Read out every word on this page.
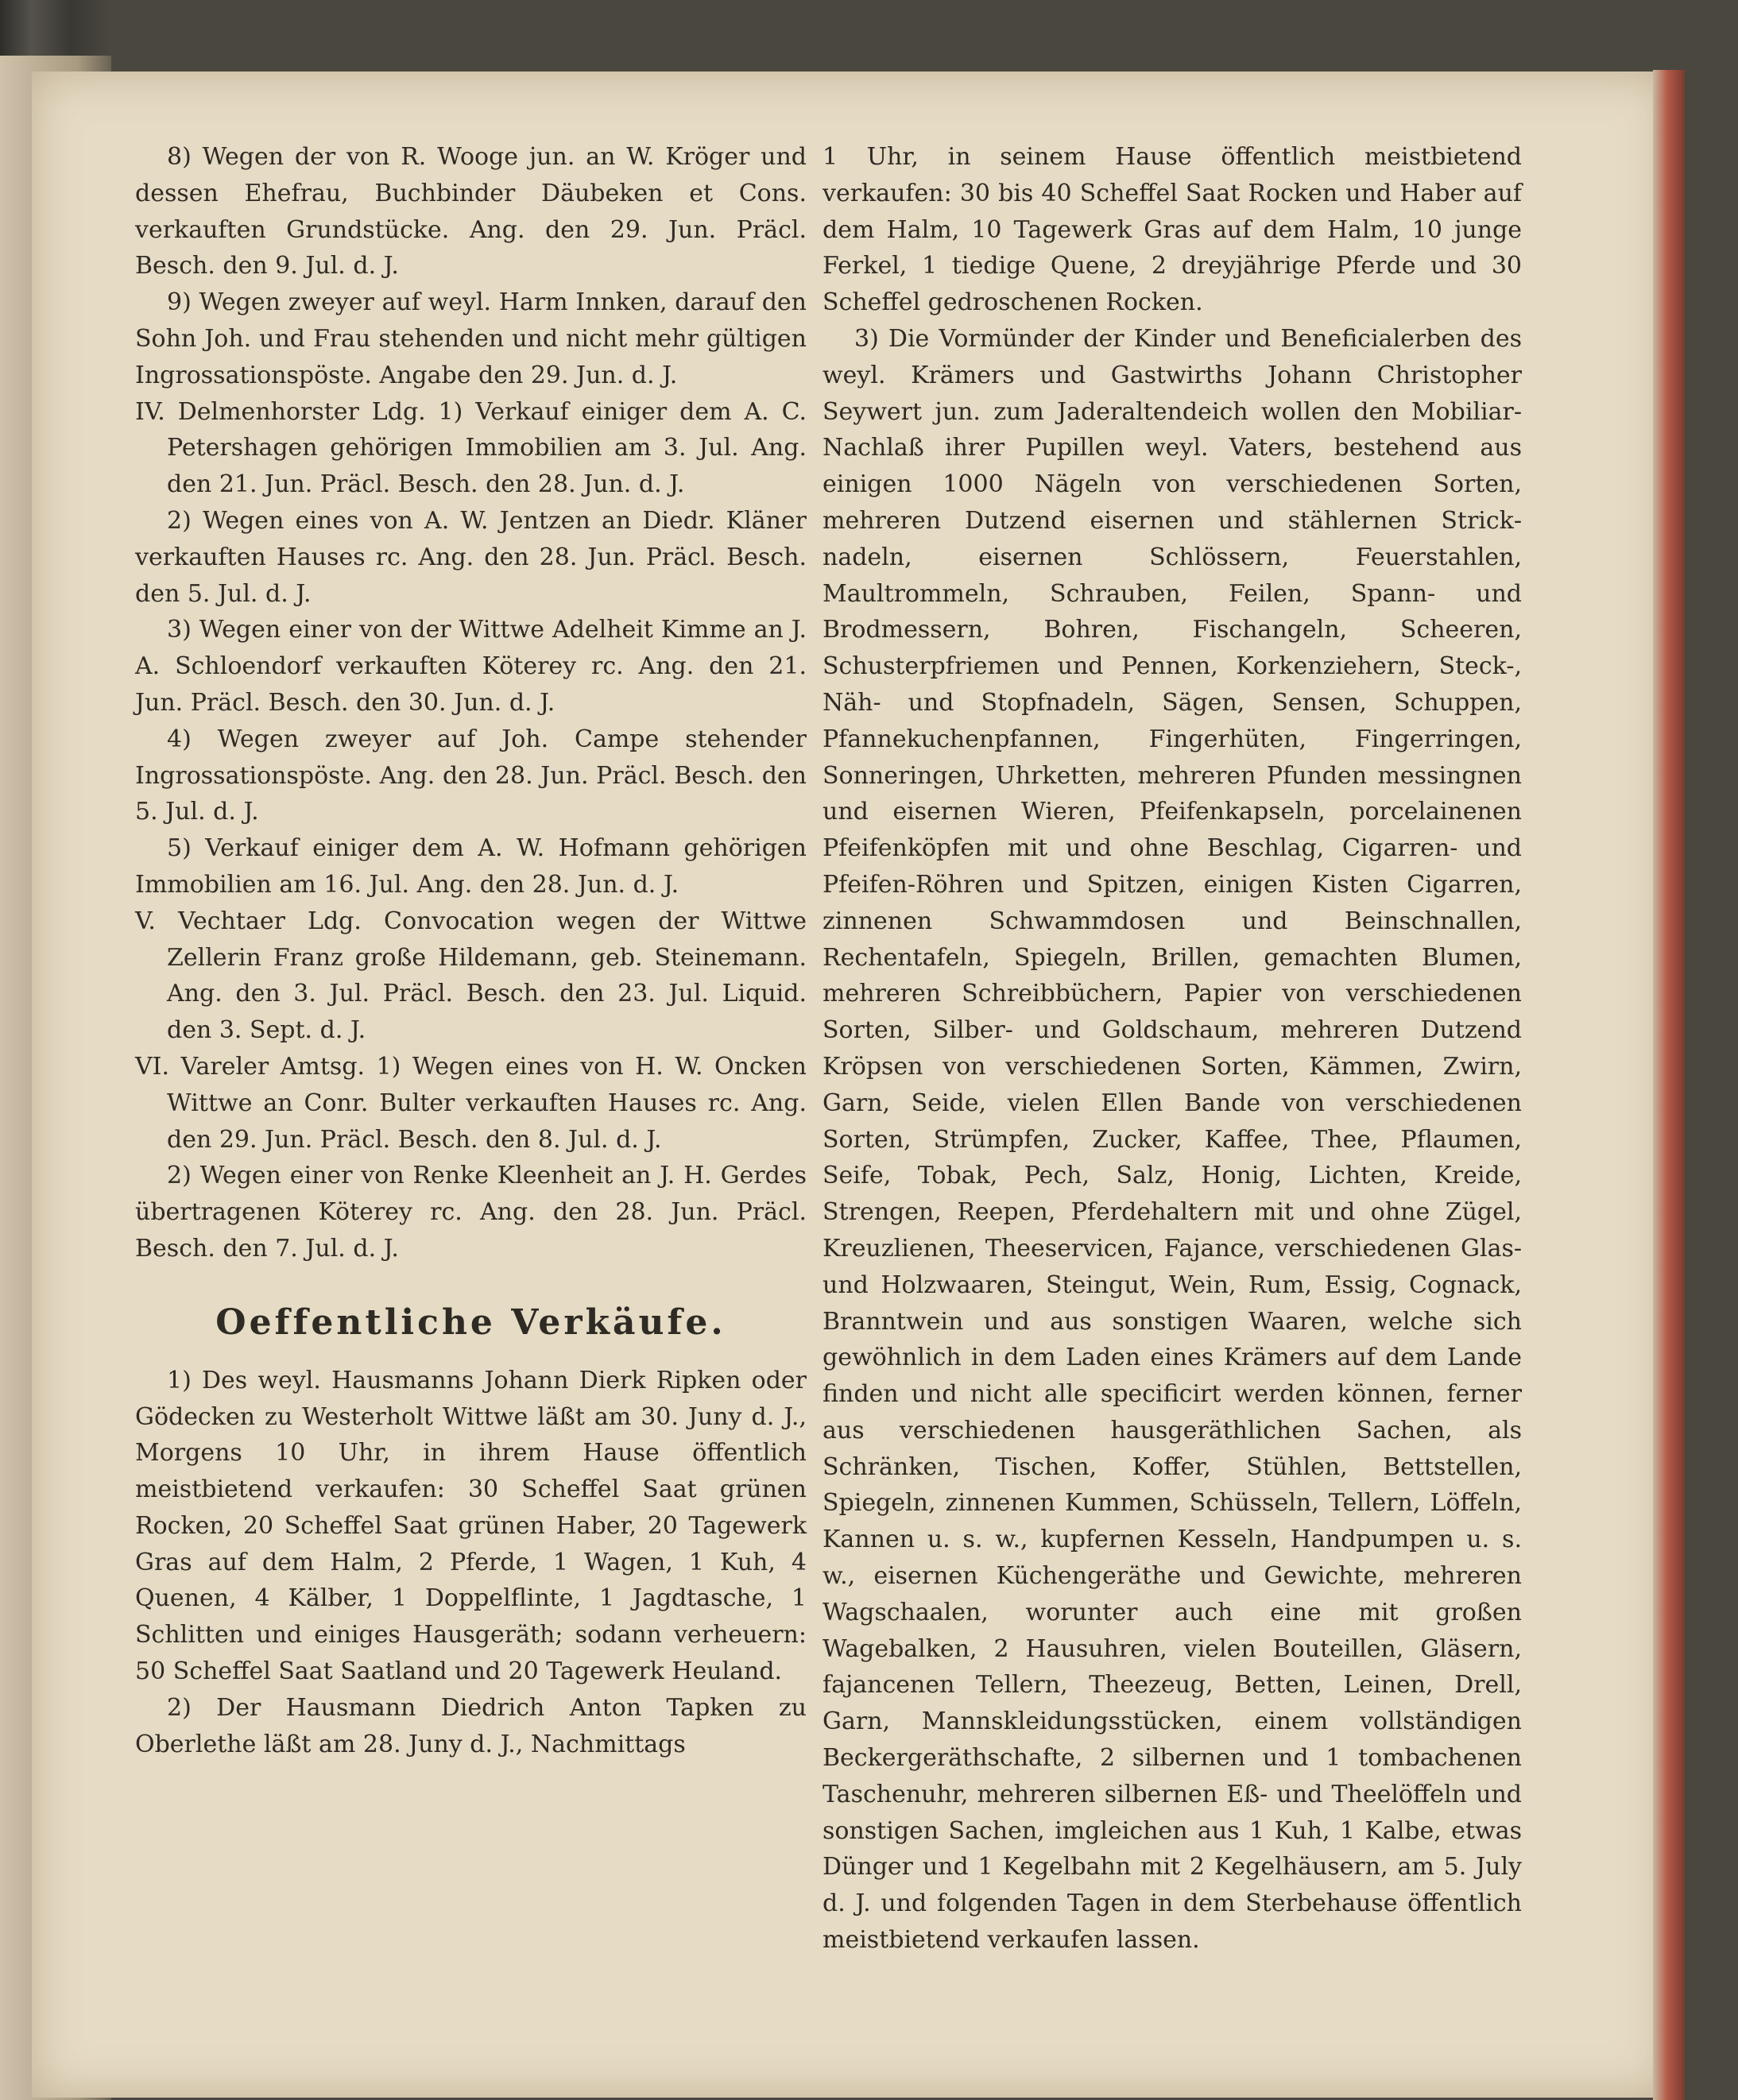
8) Wegen der von R. Wooge jun. an W. Kröger und dessen Ehefrau, Buchbinder Däubeken et Cons. verkauften Grundstücke. Ang. den 29. Jun. Präcl. Besch. den 9. Jul. d. J.

9) Wegen zweyer auf weyl. Harm Innken, darauf den Sohn Joh. und Frau stehenden und nicht mehr gültigen Ingrossationspöste. Angabe den 29. Jun. d. J.

IV. Delmenhorster Ldg. 1) Verkauf einiger dem A. C. Petershagen gehörigen Immobilien am 3. Jul. Ang. den 21. Jun. Präcl. Besch. den 28. Jun. d. J.

2) Wegen eines von A. W. Jentzen an Diedr. Kläner verkauften Hauses rc. Ang. den 28. Jun. Präcl. Besch. den 5. Jul. d. J.

3) Wegen einer von der Wittwe Adelheit Kimme an J. A. Schloendorf verkauften Köterey rc. Ang. den 21. Jun. Präcl. Besch. den 30. Jun. d. J.

4) Wegen zweyer auf Joh. Campe stehender Ingrossationspöste. Ang. den 28. Jun. Präcl. Besch. den 5. Jul. d. J.

5) Verkauf einiger dem A. W. Hofmann gehörigen Immobilien am 16. Jul. Ang. den 28. Jun. d. J.

V. Vechtaer Ldg. Convocation wegen der Wittwe Zellerin Franz große Hildemann, geb. Steinemann. Ang. den 3. Jul. Präcl. Besch. den 23. Jul. Liquid. den 3. Sept. d. J.

VI. Vareler Amtsg. 1) Wegen eines von H. W. Oncken Wittwe an Conr. Bulter verkauften Hauses rc. Ang. den 29. Jun. Präcl. Besch. den 8. Jul. d. J.

2) Wegen einer von Renke Kleenheit an J. H. Gerdes übertragenen Köterey rc. Ang. den 28. Jun. Präcl. Besch. den 7. Jul. d. J.

Oeffentliche Verkäufe.

1) Des weyl. Hausmanns Johann Dierk Ripken oder Gödecken zu Westerholt Wittwe läßt am 30. Juny d. J., Morgens 10 Uhr, in ihrem Hause öffentlich meistbietend verkaufen: 30 Scheffel Saat grünen Rocken, 20 Scheffel Saat grünen Haber, 20 Tagewerk Gras auf dem Halm, 2 Pferde, 1 Wagen, 1 Kuh, 4 Quenen, 4 Kälber, 1 Doppelflinte, 1 Jagdtasche, 1 Schlitten und einiges Hausgeräth; sodann verheuern: 50 Scheffel Saat Saatland und 20 Tagewerk Heuland.

2) Der Hausmann Diedrich Anton Tapken zu Oberlethe läßt am 28. Juny d. J., Nachmittags

1 Uhr, in seinem Hause öffentlich meistbietend verkaufen: 30 bis 40 Scheffel Saat Rocken und Haber auf dem Halm, 10 Tagewerk Gras auf dem Halm, 10 junge Ferkel, 1 tiedige Quene, 2 dreyjährige Pferde und 30 Scheffel gedroschenen Rocken.

3) Die Vormünder der Kinder und Beneficialerben des weyl. Krämers und Gastwirths Johann Christopher Seywert jun. zum Jaderaltendeich wollen den Mobiliar-Nachlaß ihrer Pupillen weyl. Vaters, bestehend aus einigen 1000 Nägeln von verschiedenen Sorten, mehreren Dutzend eisernen und stählernen Stricknadeln, eisernen Schlössern, Feuerstahlen, Maultrommeln, Schrauben, Feilen, Spann- und Brodmessern, Bohren, Fischangeln, Scheeren, Schusterpfriemen und Pennen, Korkenziehern, Steck-, Näh- und Stopfnadeln, Sägen, Sensen, Schuppen, Pfannekuchenpfannen, Fingerhüten, Fingerringen, Sonneringen, Uhrketten, mehreren Pfunden messingnen und eisernen Wieren, Pfeifenkapseln, porcelainenen Pfeifenköpfen mit und ohne Beschlag, Cigarren- und Pfeifen-Röhren und Spitzen, einigen Kisten Cigarren, zinnenen Schwammdosen und Beinschnallen, Rechentafeln, Spiegeln, Brillen, gemachten Blumen, mehreren Schreibbüchern, Papier von verschiedenen Sorten, Silber- und Goldschaum, mehreren Dutzend Kröpsen von verschiedenen Sorten, Kämmen, Zwirn, Garn, Seide, vielen Ellen Bande von verschiedenen Sorten, Strümpfen, Zucker, Kaffee, Thee, Pflaumen, Seife, Tobak, Pech, Salz, Honig, Lichten, Kreide, Strengen, Reepen, Pferdehaltern mit und ohne Zügel, Kreuzlienen, Theeservicen, Fajance, verschiedenen Glas- und Holzwaaren, Steingut, Wein, Rum, Essig, Cognack, Branntwein und aus sonstigen Waaren, welche sich gewöhnlich in dem Laden eines Krämers auf dem Lande finden und nicht alle specificirt werden können, ferner aus verschiedenen hausgeräthlichen Sachen, als Schränken, Tischen, Koffer, Stühlen, Bettstellen, Spiegeln, zinnenen Kummen, Schüsseln, Tellern, Löffeln, Kannen u. s. w., kupfernen Kesseln, Handpumpen u. s. w., eisernen Küchengeräthe und Gewichte, mehreren Wagschaalen, worunter auch eine mit großen Wagebalken, 2 Hausuhren, vielen Bouteillen, Gläsern, fajancenen Tellern, Theezeug, Betten, Leinen, Drell, Garn, Mannskleidungsstücken, einem vollständigen Beckergeräthschafte, 2 silbernen und 1 tombachenen Taschenuhr, mehreren silbernen Eß- und Theelöffeln und sonstigen Sachen, imgleichen aus 1 Kuh, 1 Kalbe, etwas Dünger und 1 Kegelbahn mit 2 Kegelhäusern, am 5. July d. J. und folgenden Tagen in dem Sterbehause öffentlich meistbietend verkaufen lassen.
